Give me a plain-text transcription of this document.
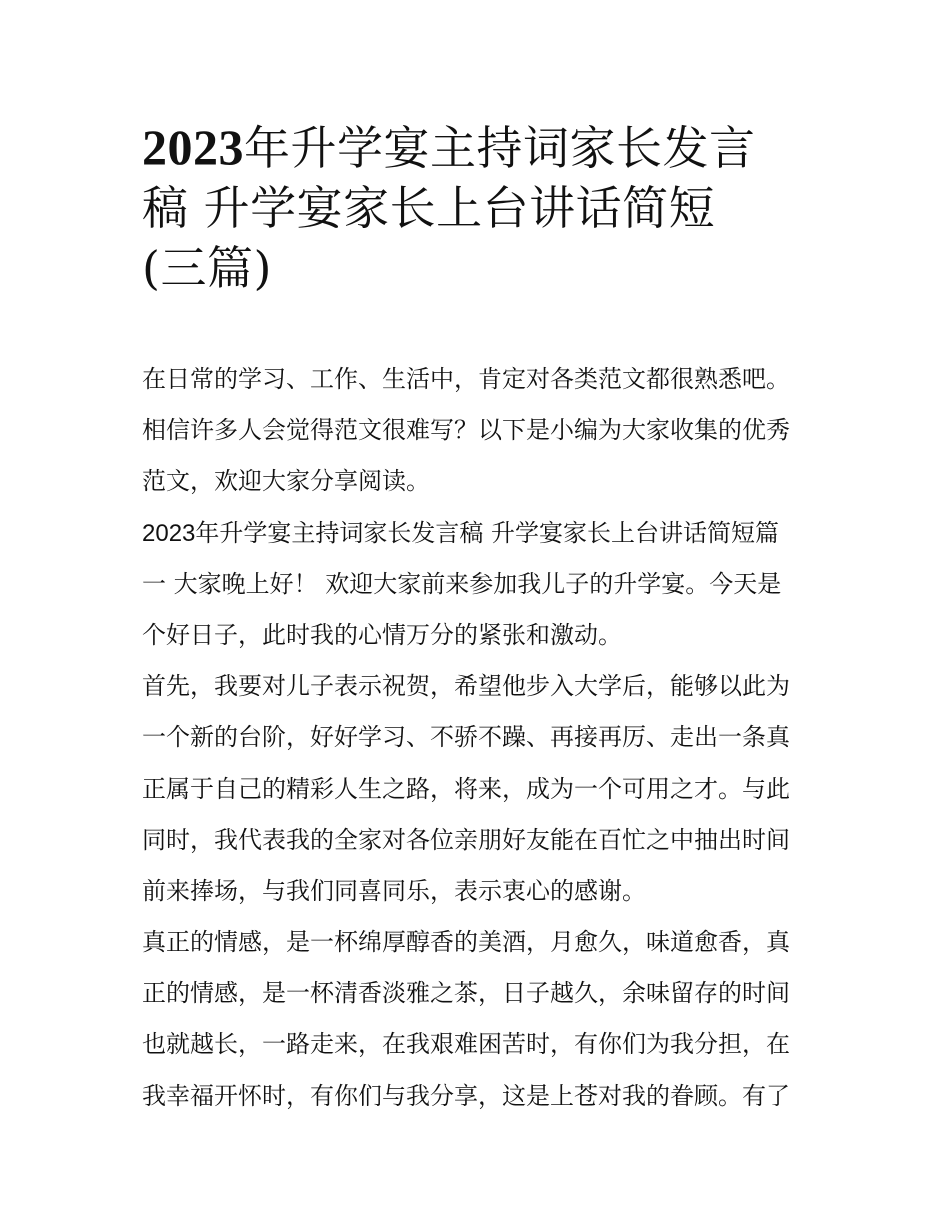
2023年升学宴主持词家长发言
稿 升学宴家长上台讲话简短
(三篇)
在日常的学习、工作、生活中，肯定对各类范文都很熟悉吧。
相信许多人会觉得范文很难写？以下是小编为大家收集的优秀
范文，欢迎大家分享阅读。
2023年升学宴主持词家长发言稿 升学宴家长上台讲话简短篇
一 大家晚上好！ 欢迎大家前来参加我儿子的升学宴。今天是
个好日子，此时我的心情万分的紧张和激动。
首先，我要对儿子表示祝贺，希望他步入大学后，能够以此为
一个新的台阶，好好学习、不骄不躁、再接再厉、走出一条真
正属于自己的精彩人生之路，将来，成为一个可用之才。与此
同时，我代表我的全家对各位亲朋好友能在百忙之中抽出时间
前来捧场，与我们同喜同乐，表示衷心的感谢。
真正的情感，是一杯绵厚醇香的美酒，月愈久，味道愈香，真
正的情感，是一杯清香淡雅之茶，日子越久，余味留存的时间
也就越长，一路走来，在我艰难困苦时，有你们为我分担，在
我幸福开怀时，有你们与我分享，这是上苍对我的眷顾。有了
